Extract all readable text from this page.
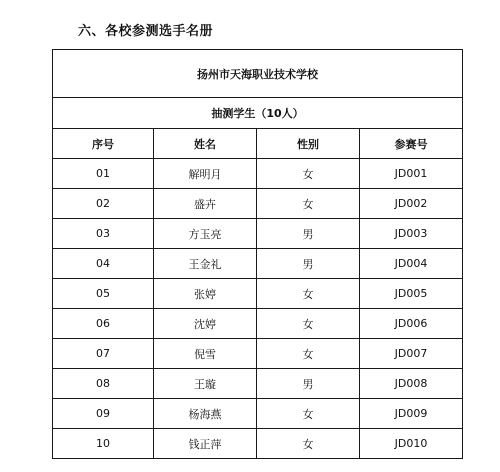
六、各校参测选手名册
扬州市天海职业技术学校			
抽测学生（10人）			
序号	姓名	性别	参赛号
01	解明月	女	JD001
02	盛卉	女	JD002
03	方玉亮	男	JD003
04	王金礼	男	JD004
05	张婷	女	JD005
06	沈婷	女	JD006
07	倪雪	女	JD007
08	王璇	男	JD008
09	杨海燕	女	JD009
10	钱正萍	女	JD010
